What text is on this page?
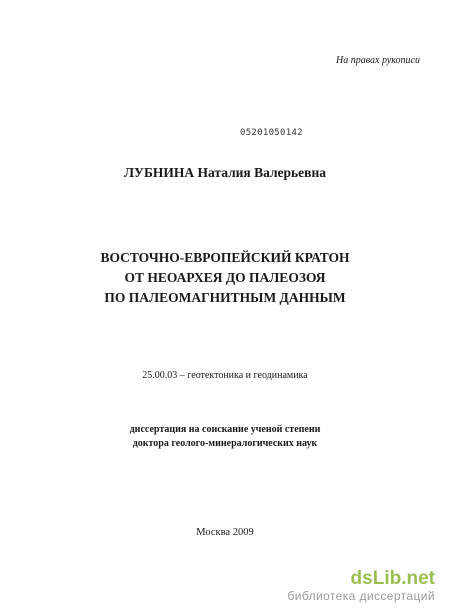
На правах рукописи
05201050142
ЛУБНИНА Наталия Валерьевна
ВОСТОЧНО-ЕВРОПЕЙСКИЙ КРАТОН
ОТ НЕОАРХЕЯ ДО ПАЛЕОЗОЯ
ПО ПАЛЕОМАГНИТНЫМ ДАННЫМ
25.00.03 – геотектоника и геодинамика
диссертация на соискание ученой степени
доктора геолого-минералогических наук
Москва 2009
dsLib.net
библиотека диссертаций
